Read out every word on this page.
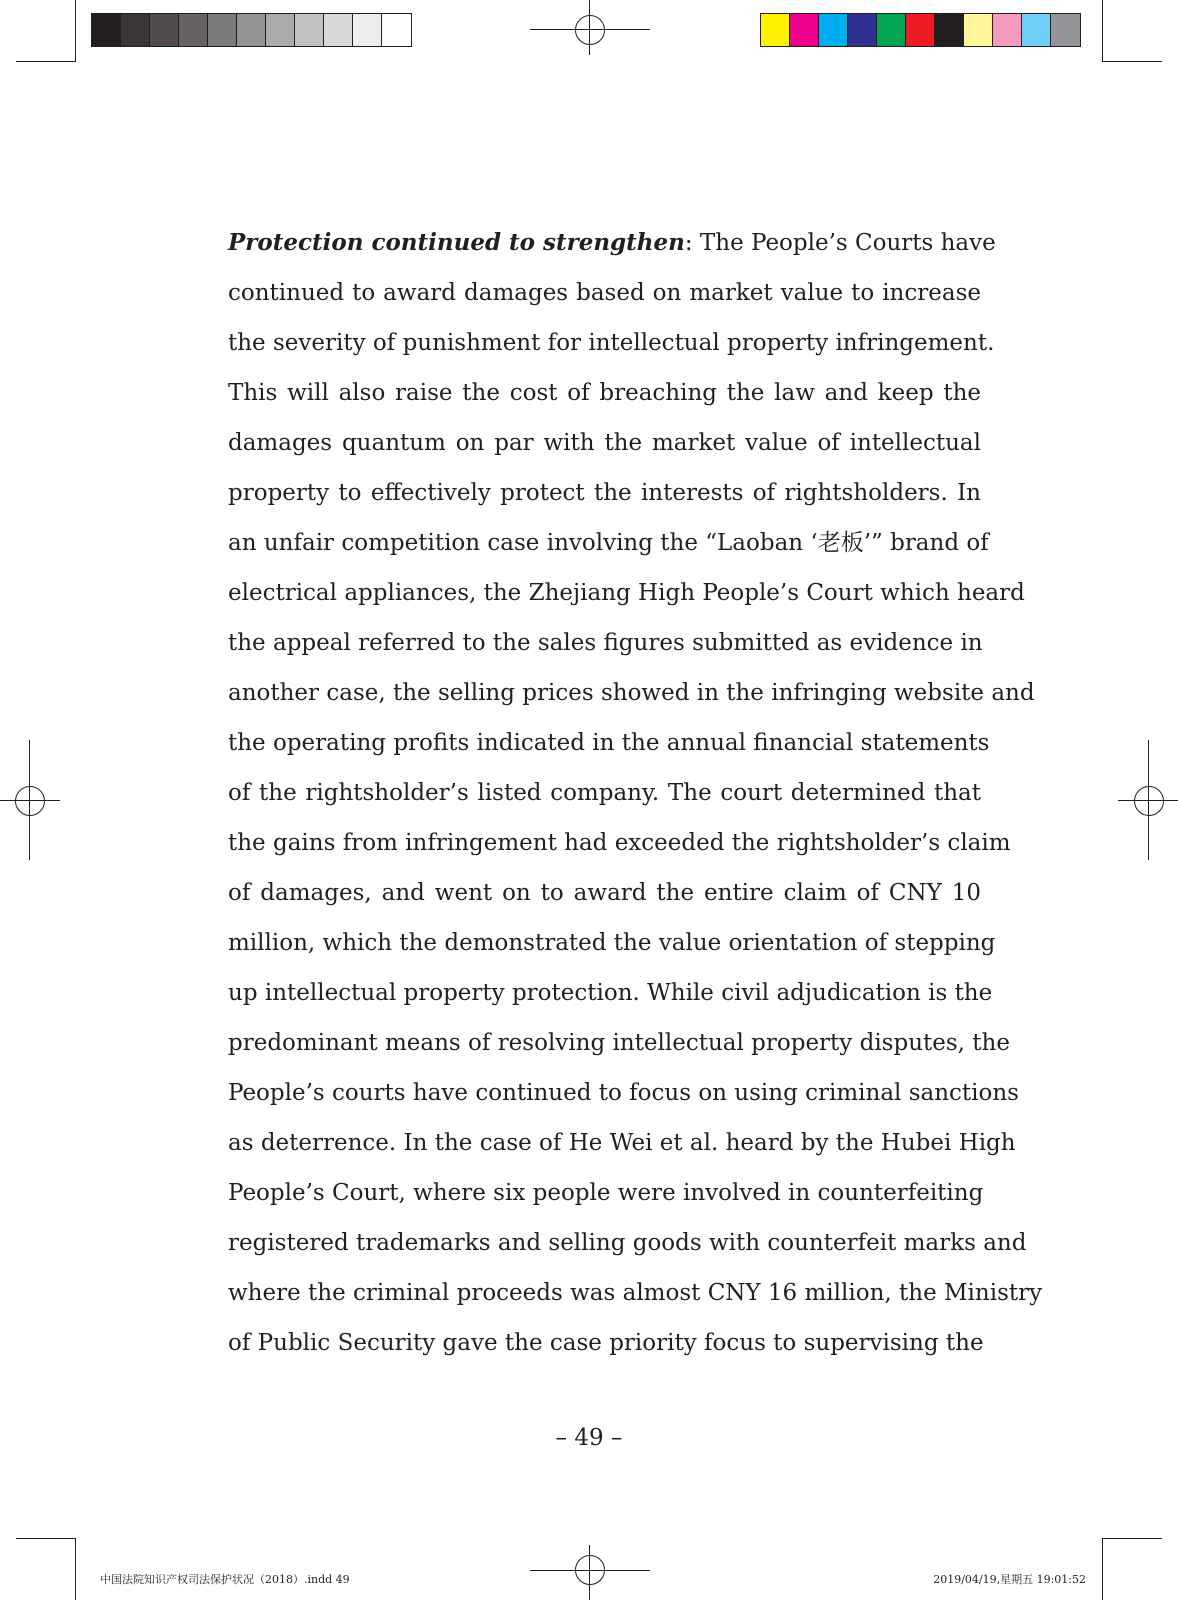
Protection continued to strengthen: The People’s Courts have
continued to award damages based on market value to increase
the severity of punishment for intellectual property infringement.
This will also raise the cost of breaching the law and keep the
damages quantum on par with the market value of intellectual
property to effectively protect the interests of rightsholders. In
an unfair competition case involving the “Laoban ‘老板’” brand of
electrical appliances, the Zhejiang High People’s Court which heard
the appeal referred to the sales figures submitted as evidence in
another case, the selling prices showed in the infringing website and
the operating profits indicated in the annual financial statements
of the rightsholder’s listed company. The court determined that
the gains from infringement had exceeded the rightsholder’s claim
of damages, and went on to award the entire claim of CNY 10
million, which the demonstrated the value orientation of stepping
up intellectual property protection. While civil adjudication is the
predominant means of resolving intellectual property disputes, the
People’s courts have continued to focus on using criminal sanctions
as deterrence. In the case of He Wei et al. heard by the Hubei High
People’s Court, where six people were involved in counterfeiting
registered trademarks and selling goods with counterfeit marks and
where the criminal proceeds was almost CNY 16 million, the Ministry
of Public Security gave the case priority focus to supervising the

– 49 –
中国法院知识产权司法保护状况（2018）.indd 49	2019/04/19,星期五 19:01:52
